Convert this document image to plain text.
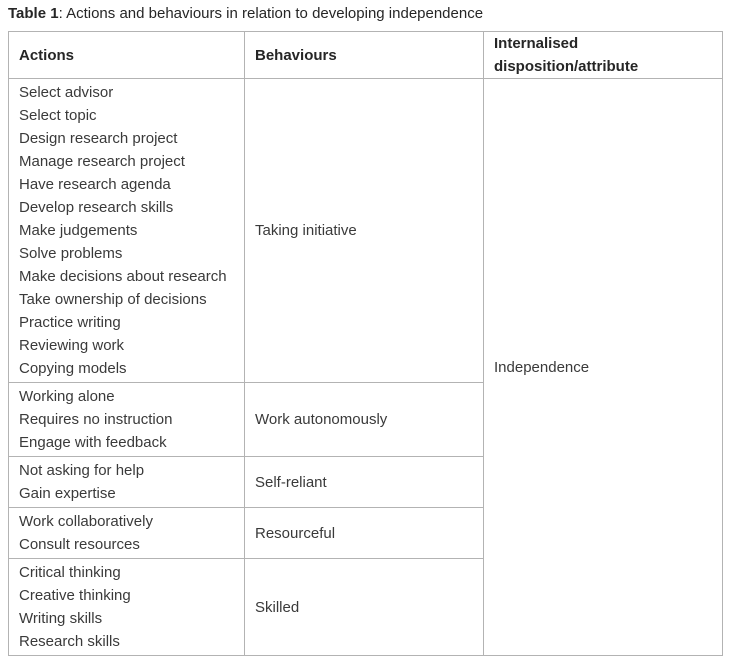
Table 1: Actions and behaviours in relation to developing independence

Actions	Behaviours	Internalised
disposition/attribute

Select advisor
Select topic
Design research project
Manage research project
Have research agenda
Develop research skills
Make judgements
Solve problems
Make decisions about research
Take ownership of decisions
Practice writing
Reviewing work
Copying models
	Taking initiative	Independence

Working alone
Requires no instruction
Engage with feedback	Work autonomously	

Not asking for help
Gain expertise	Self-reliant	

Work collaboratively
Consult resources	Resourceful	

Critical thinking
Creative thinking
Writing skills
Research skills	Skilled	
